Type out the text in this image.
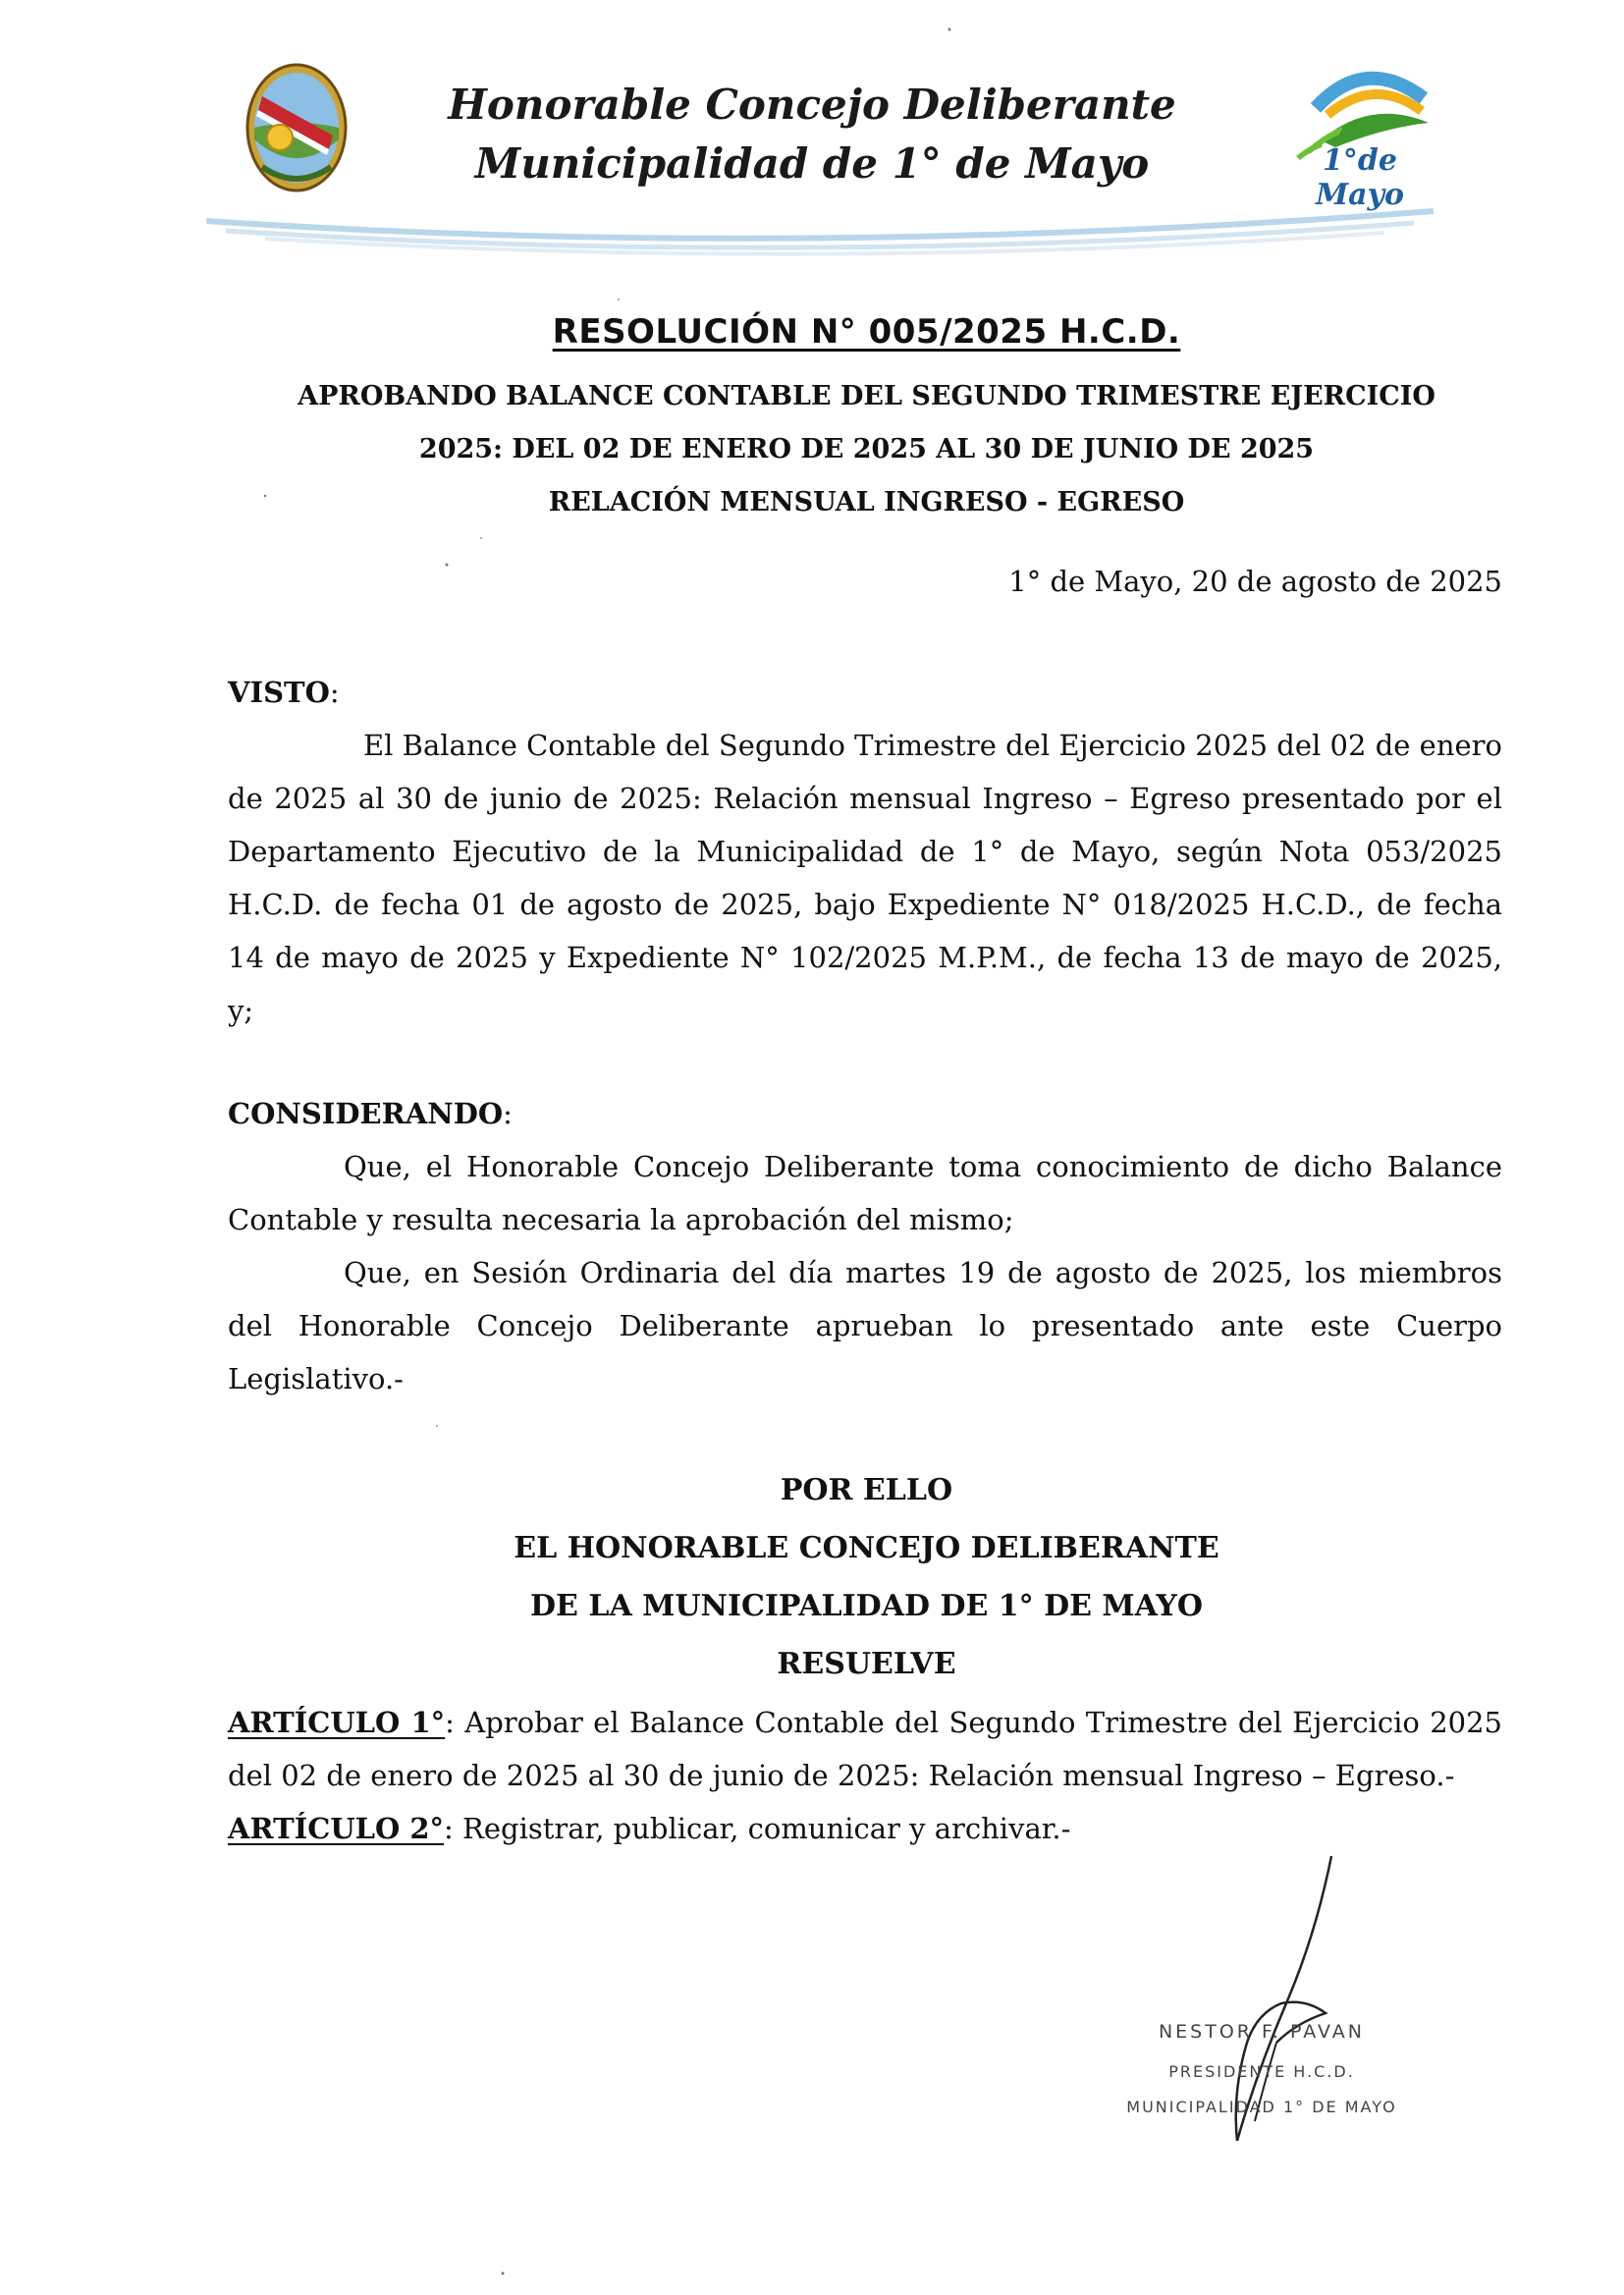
1°de Mayo
Honorable Concejo Deliberante
Municipalidad de 1° de Mayo
RESOLUCIÓN N° 005/2025 H.C.D.

APROBANDO BALANCE CONTABLE DEL SEGUNDO TRIMESTRE EJERCICIO

2025: DEL 02 DE ENERO DE 2025 AL 30 DE JUNIO DE 2025

RELACIÓN MENSUAL INGRESO - EGRESO

1° de Mayo, 20 de agosto de 2025

VISTO:

El Balance Contable del Segundo Trimestre del Ejercicio 2025 del 02 de enero de 2025 al 30 de junio de 2025: Relación mensual Ingreso – Egreso presentado por el Departamento Ejecutivo de la Municipalidad de 1° de Mayo, según Nota 053/2025 H.C.D. de fecha 01 de agosto de 2025, bajo Expediente N° 018/2025 H.C.D., de fecha 14 de mayo de 2025 y Expediente N° 102/2025 M.P.M., de fecha 13 de mayo de 2025, y;

CONSIDERANDO:

Que, el Honorable Concejo Deliberante toma conocimiento de dicho Balance Contable y resulta necesaria la aprobación del mismo;

Que, en Sesión Ordinaria del día martes 19 de agosto de 2025, los miembros del Honorable Concejo Deliberante aprueban lo presentado ante este Cuerpo Legislativo.-

POR ELLO

EL HONORABLE CONCEJO DELIBERANTE

DE LA MUNICIPALIDAD DE 1° DE MAYO

RESUELVE

ARTÍCULO 1°: Aprobar el Balance Contable del Segundo Trimestre del Ejercicio 2025 del 02 de enero de 2025 al 30 de junio de 2025: Relación mensual Ingreso – Egreso.-

ARTÍCULO 2°: Registrar, publicar, comunicar y archivar.-

NESTOR F. PAVAN

PRESIDENTE H.C.D.

MUNICIPALIDAD 1° DE MAYO
